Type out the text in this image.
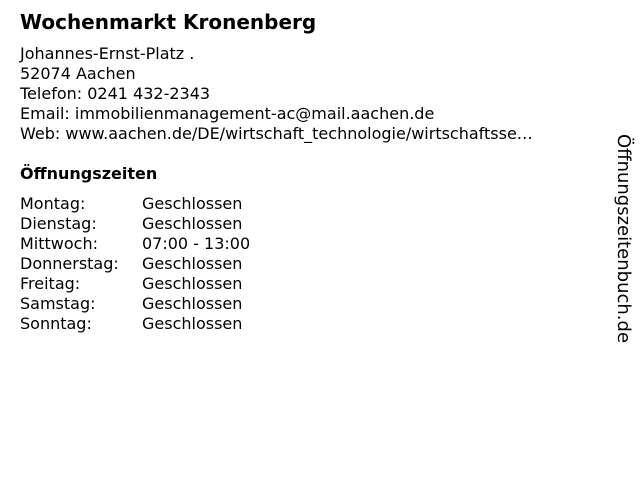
Wochenmarkt Kronenberg
Johannes-Ernst-Platz .
52074 Aachen
Telefon: 0241 432-2343
Email: immobilienmanagement-ac@mail.aachen.de
Web: www.aachen.de/DE/wirtschaft_technologie/wirtschaftsse…
Öffnungszeiten
Montag:	Geschlossen
Dienstag:	Geschlossen
Mittwoch:	07:00 - 13:00
Donnerstag:	Geschlossen
Freitag:	Geschlossen
Samstag:	Geschlossen
Sonntag:	Geschlossen	Öffnungszeitenbuch.de
